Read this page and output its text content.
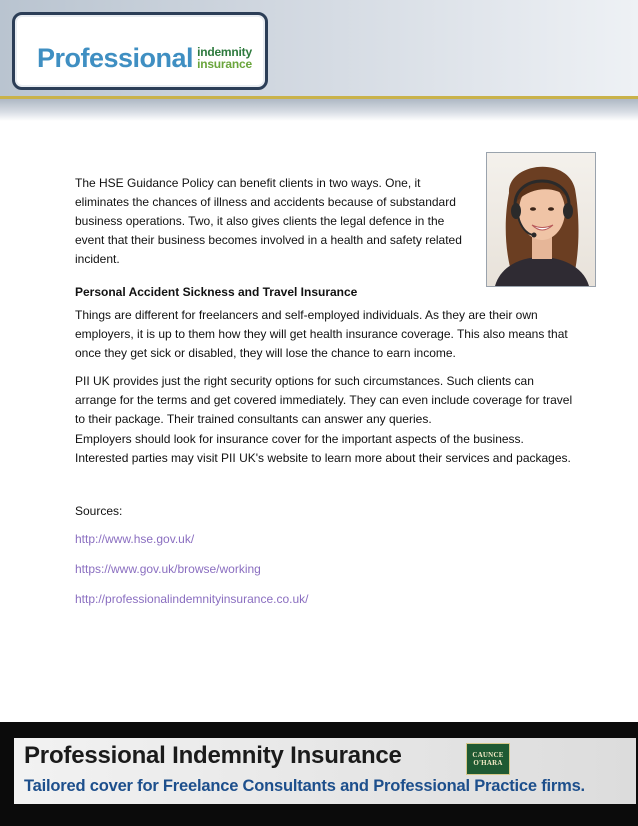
Professional indemnity
insurance
The HSE Guidance Policy can benefit clients in two ways. One, it eliminates the chances of illness and accidents because of substandard business operations. Two, it also gives clients the legal defence in the event that their business becomes involved in a health and safety related incident.
Personal Accident Sickness and Travel Insurance
Things are different for freelancers and self-employed individuals. As they are their own employers, it is up to them how they will get health insurance coverage. This also means that once they get sick or disabled, they will lose the chance to earn income.
PII UK provides just the right security options for such circumstances. Such clients can arrange for the terms and get covered immediately. They can even include coverage for travel to their package. Their trained consultants can answer any queries.
Employers should look for insurance cover for the important aspects of the business. Interested parties may visit PII UK's website to learn more about their services and packages.
Sources:
http://www.hse.gov.uk/
https://www.gov.uk/browse/working
http://professionalindemnityinsurance.co.uk/
Professional Indemnity Insurance
Tailored cover for Freelance Consultants and Professional Practice firms.
CAUNCE
O'HARA
